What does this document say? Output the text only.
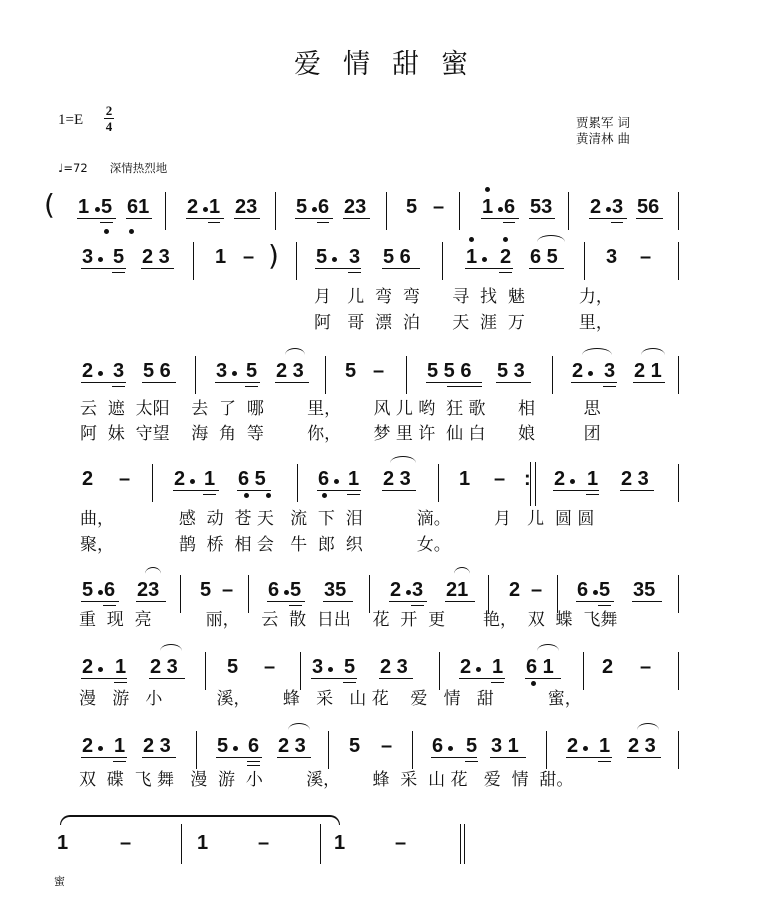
爱情甜蜜
1=E
2
4	贾累军 词
黄清林 曲
♩=72 深情热烈地
( 1 5 61 2 1 23 5 6 23 5 – 1 6 53 2 3 56
3 5 2 3 1 – ) 5 3 5 6	1 2 6 5 3 –
月   儿  弯  弯      寻  找  魅          力，
阿   哥  漂  泊      天  涯  万          里，
2 3 5 6 3 5 2 3 5 – 5 5 6 5 3 2 3 2 1
云  遮  太阳    去  了  哪        里，      风 儿 哟  狂 歌      相         思
阿  妹  守望    海  角  等        你，      梦 里 许  仙 白      娘         团
2 – 2 1 6 5	6 1 2 3 1 – : 2 1 2 3
曲，            感  动  苍 天   流  下  泪          滴。        月   儿  圆 圆
聚，            鹊  桥  相 会   牛  郎  织          女。
5 6 23 5 – 6 5 35 2 3 21 2 – 6 5 35
重  现  亮          丽，    云  散  日出    花  开  更       艳，  双  蝶  飞舞
2 1 2 3 5 – 3 5 2 3	2 1 6 1 2 –
漫   游   小          溪，      蜂   采   山 花    爱   情   甜          蜜，
2 1 2 3 5 6 2 3 5 – 6 5 3 1 2 1 2 3
双  碟  飞 舞   漫  游  小        溪，      蜂  采  山 花   爱  情  甜。
1	–	1 –	1 –
蜜
